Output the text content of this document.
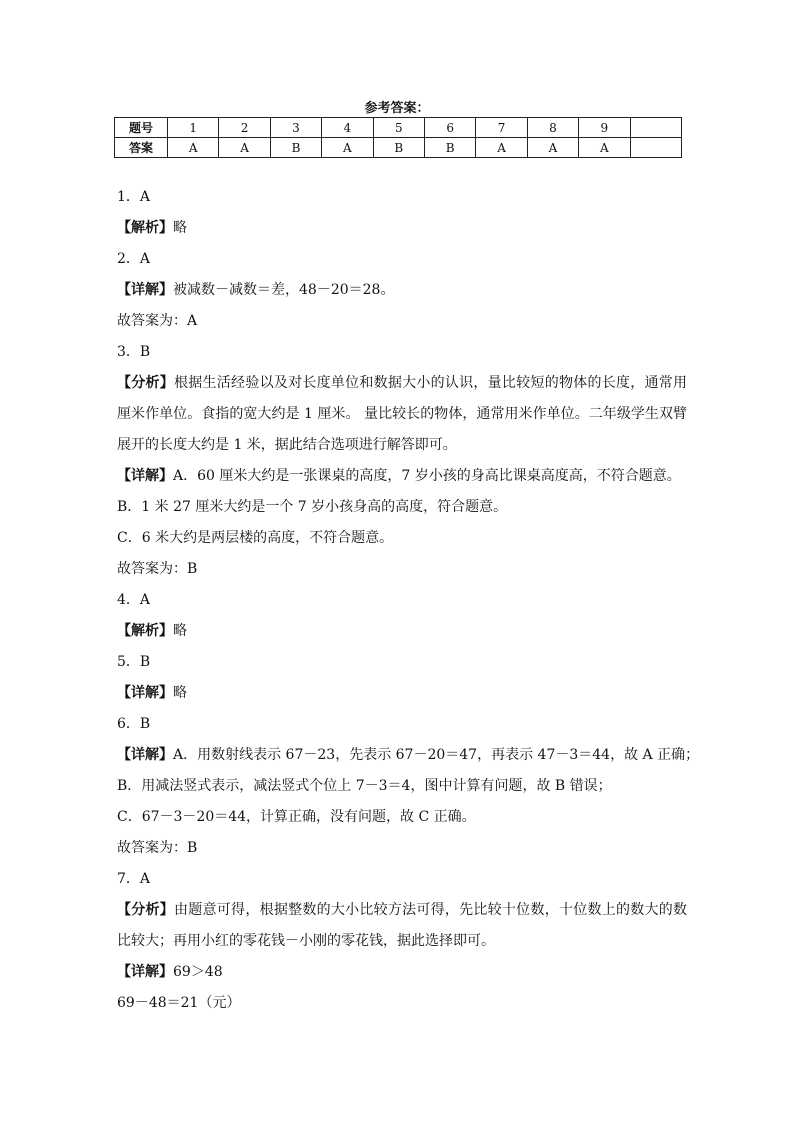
参考答案：
题号	1	2	3	4	5	6	7	8	9	
答案	A	A	B	A	B	B	A	A	A	

1．A

【解析】略

2．A

【详解】被减数－减数＝差，48－20＝28。

故答案为：A

3．B

【分析】根据生活经验以及对长度单位和数据大小的认识，量比较短的物体的长度，通常用厘米作单位。食指的宽大约是 1 厘米。 量比较长的物体，通常用米作单位。二年级学生双臂展开的长度大约是 1 米，据此结合选项进行解答即可。

【详解】A．60 厘米大约是一张课桌的高度，7 岁小孩的身高比课桌高度高，不符合题意。

B．1 米 27 厘米大约是一个 7 岁小孩身高的高度，符合题意。

C．6 米大约是两层楼的高度，不符合题意。

故答案为：B

4．A

【解析】略

5．B

【详解】略

6．B

【详解】A．用数射线表示 67－23，先表示 67－20＝47，再表示 47－3＝44，故 A 正确；

B．用减法竖式表示，减法竖式个位上 7－3＝4，图中计算有问题，故 B 错误；

C．67－3－20＝44，计算正确，没有问题，故 C 正确。

故答案为：B

7．A

【分析】由题意可得，根据整数的大小比较方法可得，先比较十位数，十位数上的数大的数比较大；再用小红的零花钱－小刚的零花钱，据此选择即可。

【详解】69＞48

69－48＝21（元）
